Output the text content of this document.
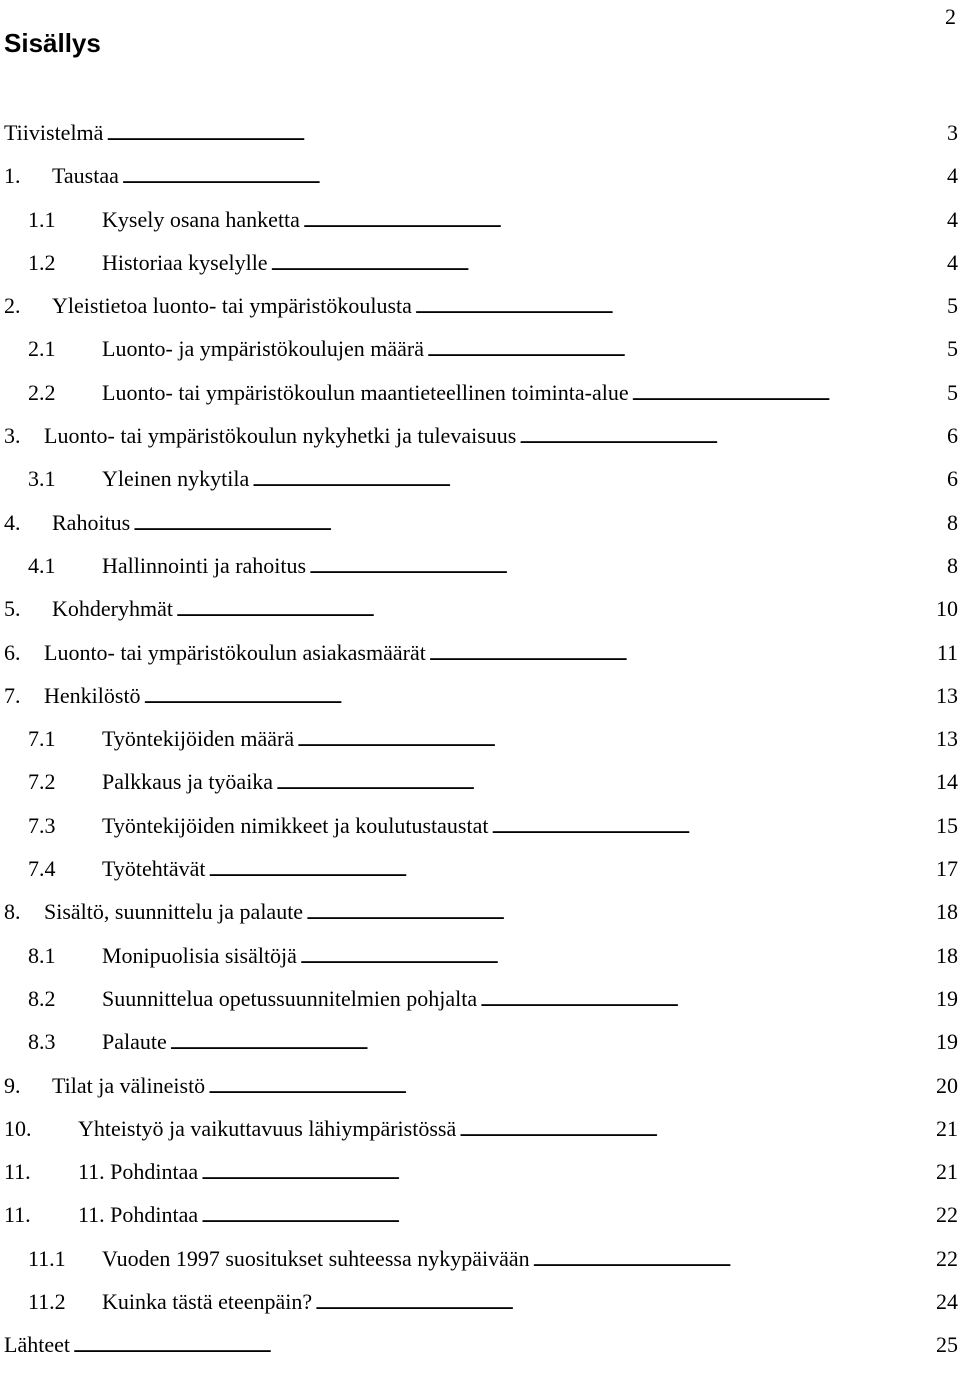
2
Sisällys
Tiivistelmä . . .	3
1.	Taustaa . . .	4
1.1	Kysely osana hanketta . . .	4
1.2	Historiaa kyselylle . . .	4
2.	Yleistietoa luonto- tai ympäristökoulusta . . .	5
2.1	Luonto- ja ympäristökoulujen määrä . . .	5
2.2	Luonto- tai ympäristökoulun maantieteellinen toiminta-alue . . .	5
3.	Luonto- tai ympäristökoulun nykyhetki ja tulevaisuus . . .	6
3.1	Yleinen nykytila . . .	6
4.	Rahoitus . . .	8
4.1	Hallinnointi ja rahoitus . . .	8
5.	Kohderyhmät . . .	10
6.	Luonto- tai ympäristökoulun asiakasmäärät . . .	11
7.	Henkilöstö . . .	13
7.1	Työntekijöiden määrä . . .	13
7.2	Palkkaus ja työaika . . .	14
7.3	Työntekijöiden nimikkeet ja koulutustaustat . . .	15
7.4	Työtehtävät . . .	17
8.	Sisältö, suunnittelu ja palaute . . .	18
8.1	Monipuolisia sisältöjä . . .	18
8.2	Suunnittelua opetussuunnitelmien pohjalta . . .	19
8.3	Palaute . . .	19
9.	Tilat ja välineistö . . .	20
10.	Yhteistyö ja vaikuttavuus lähiympäristössä . . .	21
11.	11. Pohdintaa . . .	21
11.	11. Pohdintaa . . .	22
11.1	Vuoden 1997 suositukset suhteessa nykypäivään . . .	22
11.2	Kuinka tästä eteenpäin? . . .	24
Lähteet . . .	25
